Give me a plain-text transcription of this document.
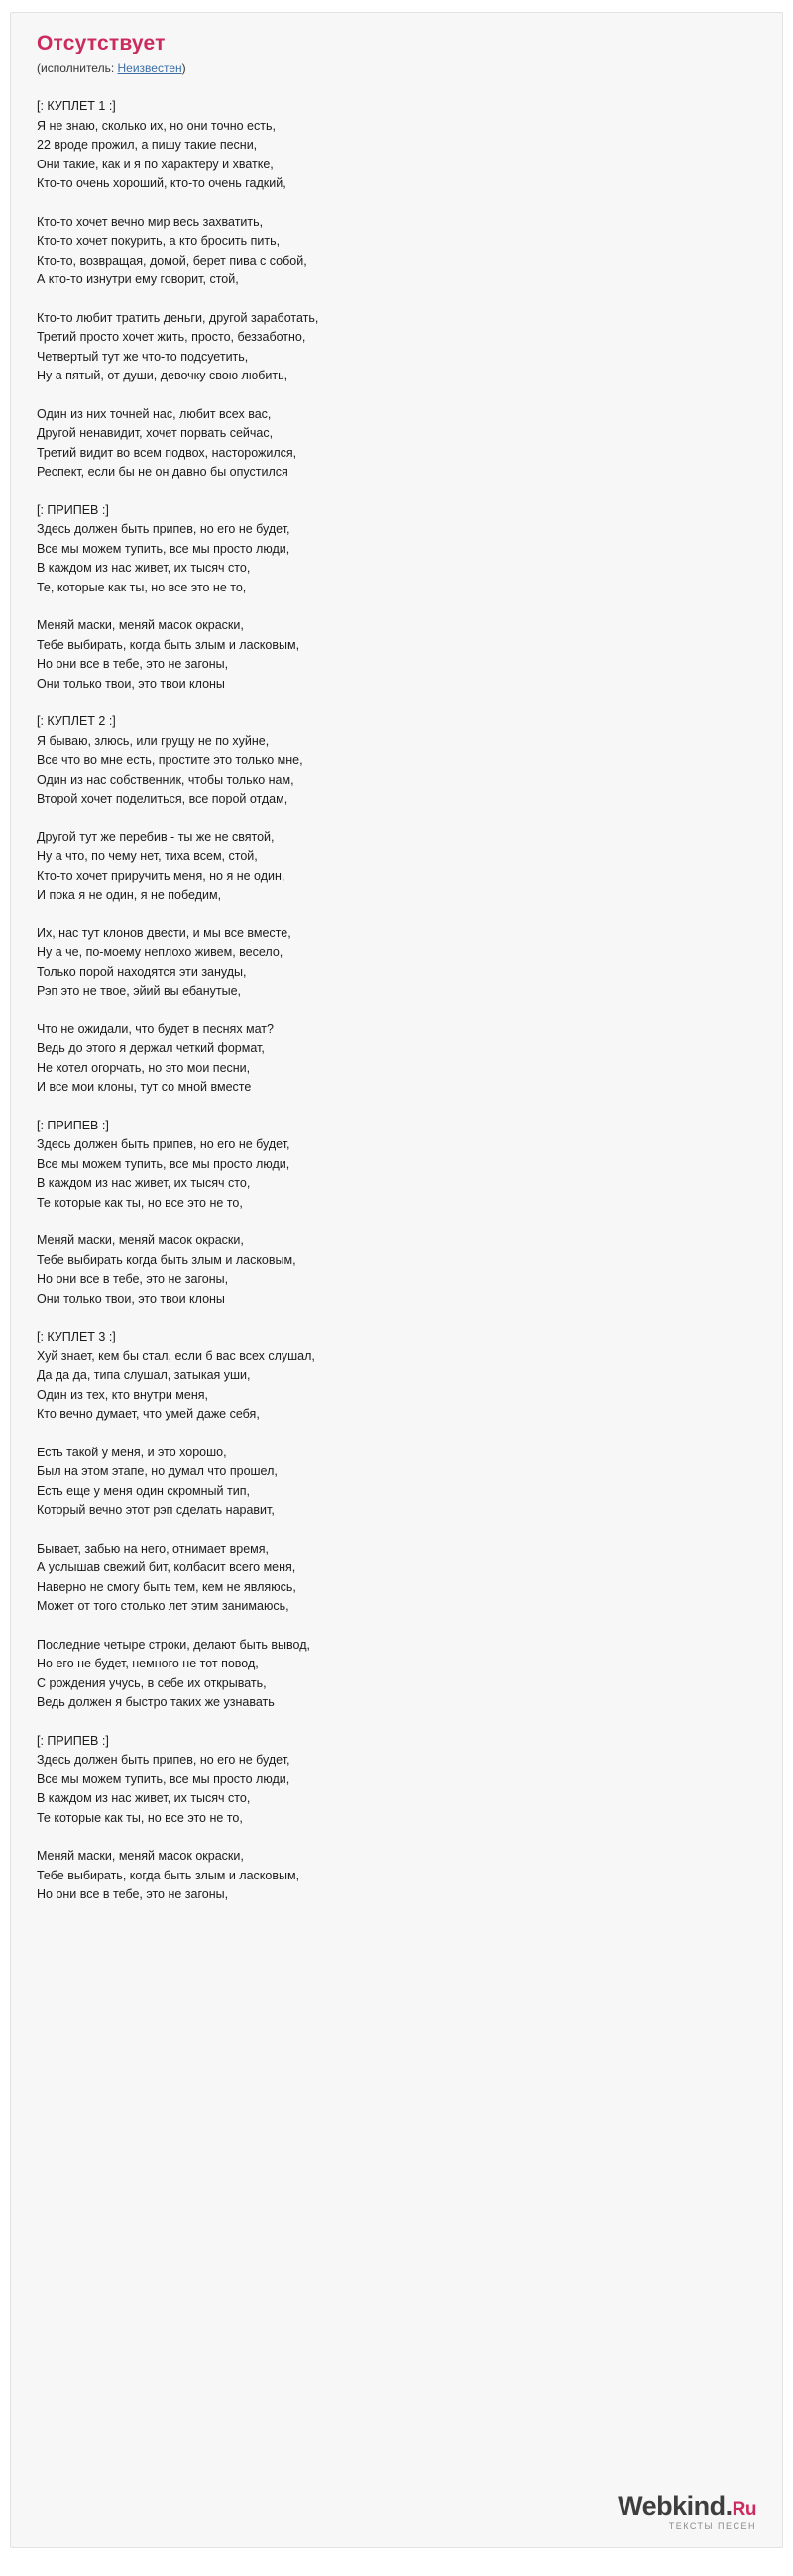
Отсутствует
(исполнитель: Неизвестен)
[: КУПЛЕТ 1 :]
Я не знаю, сколько их, но они точно есть,
22 вроде прожил, а пишу такие песни,
Они такие, как и я по характеру и хватке,
Кто-то очень хороший, кто-то очень гадкий,
Кто-то хочет вечно мир весь захватить,
Кто-то хочет покурить, а кто бросить пить,
Кто-то, возвращая, домой, берет пива с собой,
А кто-то изнутри ему говорит, стой,
Кто-то любит тратить деньги, другой заработать,
Третий просто хочет жить, просто, беззаботно,
Четвертый тут же что-то подсуетить,
Ну а пятый, от души, девочку свою любить,
Один из них точней нас, любит всех вас,
Другой ненавидит, хочет порвать сейчас,
Третий видит во всем подвох, насторожился,
Респект, если бы не он давно бы опустился
[: ПРИПЕВ :]
Здесь должен быть припев, но его не будет,
Все мы можем тупить, все мы просто люди,
В каждом из нас живет, их тысяч сто,
Те, которые как ты, но все это не то,
Меняй маски, меняй масок окраски,
Тебе выбирать, когда быть злым и ласковым,
Но они все в тебе, это не загоны,
Они только твои, это твои клоны
[: КУПЛЕТ 2 :]
Я бываю, злюсь, или грущу не по хуйне,
Все что во мне есть, простите это только мне,
Один из нас собственник, чтобы только нам,
Второй хочет поделиться, все порой отдам,
Другой тут же перебив - ты же не святой,
Ну а что, по чему нет, тиха всем, стой,
Кто-то хочет приручить меня, но я не один,
И пока я не один, я не победим,
Их, нас тут клонов двести, и мы все вместе,
Ну а че, по-моему неплохо живем, весело,
Только порой находятся эти зануды,
Рэп это не твое, эйий вы ебанутые,
Что не ожидали, что будет в песнях мат?
Ведь до этого я держал четкий формат,
Не хотел огорчать, но это мои песни,
И все мои клоны, тут со мной вместе
[: ПРИПЕВ :]
Здесь должен быть припев, но его не будет,
Все мы можем тупить, все мы просто люди,
В каждом из нас живет, их тысяч сто,
Те которые как ты, но все это не то,
Меняй маски, меняй масок окраски,
Тебе выбирать когда быть злым и ласковым,
Но они все в тебе, это не загоны,
Они только твои, это твои клоны
[: КУПЛЕТ 3 :]
Хуй знает, кем бы стал, если б вас всех слушал,
Да да да, типа слушал, затыкая уши,
Один из тех, кто внутри меня,
Кто вечно думает, что умей даже себя,
Есть такой у меня, и это хорошо,
Был на этом этапе, но думал что прошел,
Есть еще у меня один скромный тип,
Который вечно этот рэп сделать наравит,
Бывает, забью на него, отнимает время,
А услышав свежий бит, колбасит всего меня,
Наверно не смогу быть тем, кем не являюсь,
Может от того столько лет этим занимаюсь,
Последние четыре строки, делают быть вывод,
Но его не будет, немного не тот повод,
С рождения учусь, в себе их открывать,
Ведь должен я быстро таких же узнавать
[: ПРИПЕВ :]
Здесь должен быть припев, но его не будет,
Все мы можем тупить, все мы просто люди,
В каждом из нас живет, их тысяч сто,
Те которые как ты, но все это не то,
Меняй маски, меняй масок окраски,
Тебе выбирать, когда быть злым и ласковым,
Но они все в тебе, это не загоны,
Webkind.Ru
ТЕКСТЫ ПЕСЕН
